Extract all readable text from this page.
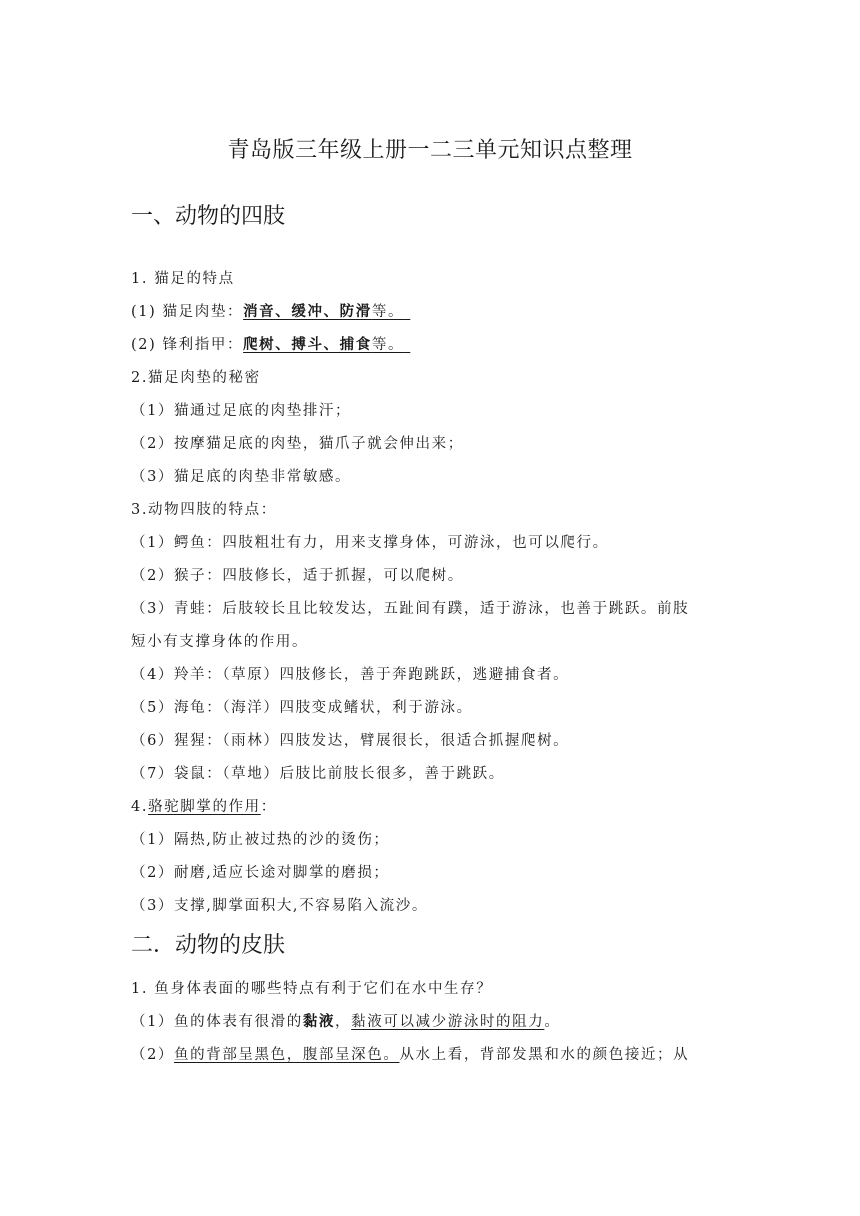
青岛版三年级上册一二三单元知识点整理
一、动物的四肢
1. 猫足的特点
(1) 猫足肉垫：消音、缓冲、防滑等。
(2) 锋利指甲：爬树、搏斗、捕食等。
2.猫足肉垫的秘密
（1）猫通过足底的肉垫排汗；
（2）按摩猫足底的肉垫，猫爪子就会伸出来；
（3）猫足底的肉垫非常敏感。
3.动物四肢的特点：
（1）鳄鱼：四肢粗壮有力，用来支撑身体，可游泳，也可以爬行。
（2）猴子：四肢修长，适于抓握，可以爬树。
（3）青蛙：后肢较长且比较发达，五趾间有蹼，适于游泳，也善于跳跃。前肢
短小有支撑身体的作用。
（4）羚羊：（草原）四肢修长，善于奔跑跳跃，逃避捕食者。
（5）海龟：（海洋）四肢变成鳍状，利于游泳。
（6）猩猩：（雨林）四肢发达，臂展很长，很适合抓握爬树。
（7）袋鼠：（草地）后肢比前肢长很多，善于跳跃。
4.骆驼脚掌的作用：
（1）隔热,防止被过热的沙的烫伤；
（2）耐磨,适应长途对脚掌的磨损；
（3）支撑,脚掌面积大,不容易陷入流沙。
二．动物的皮肤
1. 鱼身体表面的哪些特点有利于它们在水中生存？
（1）鱼的体表有很滑的黏液，黏液可以减少游泳时的阻力。
（2）鱼的背部呈黑色，腹部呈深色。从水上看，背部发黑和水的颜色接近；从
